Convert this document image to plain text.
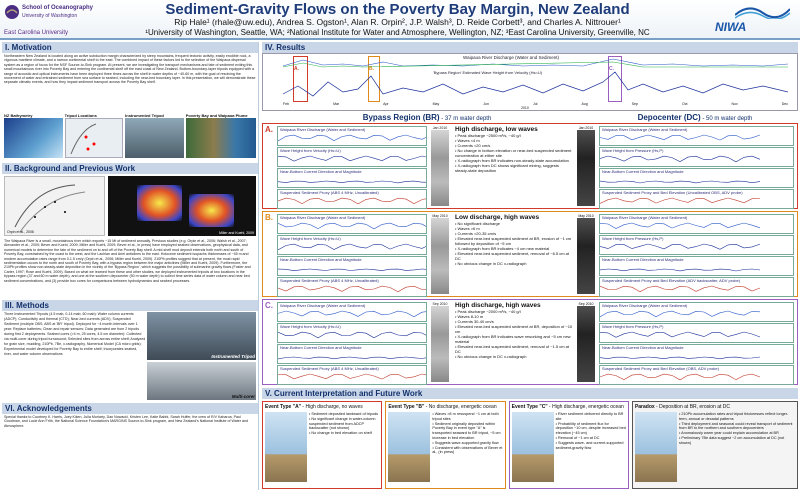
School of Oceanography
University of Washington
East Carolina University
Sediment-Gravity Flows on the Poverty Bay Margin, New Zealand
Rip Hale¹ (rhale@uw.edu), Andrea S. Ogston¹, Alan R. Orpin², J.P. Walsh³, D. Reide Corbett³, and Charles A. Nittrouer¹
¹University of Washington, Seattle, WA; ²National Institute for Water and Atmosphere, Wellington, NZ; ³East Carolina University, Greenville, NC	NIWA
I. Motivation
Northeastern New Zealand is located along an active subduction margin characterized by steep mountains, frequent tectonic activity, easily erodible rock, a vigorous maritime climate, and a narrow continental shelf to the east. The combined impact of these factors led to the selection of the Waipaoa dispersal system as a region of focus for the NSF Source-to-Sink program. At present, we are investigating the transport mechanisms and fate of sediment exiting this small mountainous river into Poverty Bay and entering the continental shelf off the east coast of New Zealand. Bottom-boundary-layer tripods equipped with a range of acoustic and optical instruments have been deployed three times across the shelf in water depths of ~40-60 m, with the goal of resolving the movement of water and entrained sediment from sea surface to seabed, including the near-bed boundary layer. In this presentation, we will demonstrate these separate climatic events, and how they impact sediment transport across the Poverty Bay shelf.
NZ Bathymetry	Tripod Locations	Instrumented Tripod	Poverty Bay and Waipaoa Plume
II. Background and Previous Work
Orpin et al., 2006	Miller and Kuehl, 2009
The Waipaoa River is a small, mountainous river which exports ~15 Mt of sediment annually. Previous studies (e.g. Orpin et al., 2006; Walsh et al., 2007; Alexander et al., 2009; Bever and Kuehl, 2009; Miller and Kuehl, 2009; Bever et al., in press) have employed seabed observations, geophysical data, and numerical models to determine the fate of the sediment on to and off of the Poverty Bay shelf. A mid-shelf mud deposit extends both north and south of Poverty Bay, constrained by the coast to the west, and the Lachlan and Ariel anticlines to the east. Holocene sediment isopachs thicknesses of ~45 m and modern accumulation rates range from 0-1.5 cm/y (Orpin et al., 2006; Miller and Kuehl, 2009). 210Pb profiles suggest that at present, the most rapid sedimentation occurs to the north and south of Poverty Bay, with a bypass region between the major anticlines (Miller and Kuehl, 2009). Furthermore, the 210Pb profiles show non-steady-state deposition in the vicinity of the 'Bypass Region', which suggests the possibility of submarine gravity flows (Foster and Carter, 1997; Rose and Kuehl, 2009). Based on what we learned from these and other studies, we deployed instrumented tripods at two locations in the bypass region (37 and 60 m water depth), and one at the southern depocenter (50 m water depth) to collect time series data of water column and near bed sediment concentrations, and (3) provide box cores for comparisons between hydrodynamics and seabed processes.
III. Methods
Three Instrumented Tripods (4.5 mab, 0-14 mab, 60 mab): Water column currents (ADCP); Conductivity and thermal (CTD); Near-bed currents (ADV); Suspended Sediment (multiple OBS, ABS at 'BR' tripod). Deployed for ~4 month intervals over 1 year: Replace batteries; Clean and repair sensors; Data generated are from 2 tripods during first 2 deployments. Seabed cores (>4 m, 25 cores, 4.5 cm diameter): Collected via multi-corer during tripod turnaround; Selected sites from across entire shelf; Analyzed for grain size, mudding, 210Pb, 7Be, x-radiography. Numerical Model (CA micro grids): Experimental model developed for Poverty Bay to entire shelf; Incorporates seabed, river, and water column observations	Instrumented Tripod
Multi-corer
VI. Acknowledgements
Special thanks to Courtney K. Harris, Joey Kiken, Julia Moriarty, Dan Nowacki, Kristen Lee, Katie Babbi, Sarah Huffer, the crew of R/V Kaharoa, Paul Goodman, and Lucie Ann Frith, the National Science Foundation's MARGINS Source-to-Sink program, and New Zealand's National Institute of Water and Atmosphere.
IV. Results
Waipaoa River Discharge (Water and Sediment)
'Bypass Region' Estimated Wave Height from Velocity (Hs=U)
A.	B.	C.
Feb	Mar	Apr	May	Jun	Jul	Aug	Sep	Oct	Nov	Dec
2010
Bypass Region (BR) - 37 m water depth	Depocenter (DC) - 50 m water depth
A. Waipaoa River Discharge (Water and Sediment)
Wave Height from Velocity (Hs=U)
Near-Bottom Current Direction and Magnitude
Suspended Sediment Proxy (ABS 4 MHz, Uncalibrated)
Jan 2010 High discharge, low waves
• Peak discharge ~2500 m³/s, ~40 g/l
• Waves <4 m
• Currents <20 cm/s
• No change in bottom elevation or near-bed suspended sediment concentration at either site
• X-radiograph from BR indicates non-steady-state accumulation
• X-radiograph from DC shows significant mixing, suggests steady-state deposition
Jan 2010	Waipaoa River Discharge (Water and Sediment)
Wave Height from Pressure (Hs,P)
Near-Bottom Current Direction and Magnitude
Suspended Sediment Proxy and Bed Elevation (Uncalibrated OBS, ADV probe)
B. Waipaoa River Discharge (Water and Sediment)
Wave Height from Velocity (Hs=U)
Near-Bottom Current Direction and Magnitude
Suspended Sediment Proxy (ABS 4 MHz, Uncalibrated)
May 2010 Low discharge, high waves
• No significant discharge
• Waves >6 m
• Currents >20-35 cm/s
• Elevated near-bed suspended sediment at BR, erosion of ~1 cm followed by deposition of ~5 cm
• X-radiograph from BR indicates ~4 cm new material
• Elevated near-bed suspended sediment, removal of ~6.5 cm at DC
• No obvious change in DC x-radiograph
May 2010	Waipaoa River Discharge (Water and Sediment)
Wave Height from Pressure (Hs,P)
Near-Bottom Current Direction and Magnitude
Suspended Sediment Proxy and Bed Elevation (ADV backscatter, ADV probe)
C. Waipaoa River Discharge (Water and Sediment)
Wave Height from Velocity (Hs=U)
Near-Bottom Current Direction and Magnitude
Suspended Sediment Proxy (ABS 4 MHz, Uncalibrated)
Sep 2010 High discharge, high waves
• Peak discharge ~2000 m³/s, ~40 g/l
• Waves 8-10 m
• Currents 30-40 cm/s
• Elevated near-bed suspended sediment at BR, deposition of ~10 cm
• X-radiograph from BR indicates wave reworking and ~5 cm new material
• Elevated near-bed suspended sediment, removal of ~1.5 cm at DC
• No obvious change in DC x-radiograph
Sep 2010	Waipaoa River Discharge (Water and Sediment)
Wave Height from Pressure (Hs,P)
Near-Bottom Current Direction and Magnitude
Suspended Sediment Proxy and Bed Elevation (OBS, ADV probe)
V. Current Interpretation and Future Work
Event Type "A" - High discharge, no waves
• Sediment deposited landward of tripods
• No significant change in water-column suspended sediment from ADCP backscatter (not shown)
• No change in bed elevation on shelf
Event Type "B" - No discharge, energetic ocean
• Waves >8 m resuspend ~1 cm at both tripod sites
• Sediment originally deposited within Poverty Bay in event type "A" is transported seaward to BR tripod, ~5 cm increase in bed elevation
• Suggests wave-supported gravity flow
• Consistent with observations of Bever et al., (in press)
Event Type "C" - High discharge, energetic ocean
• River sediment delivered directly to BR site
• Probability of sediment flux for deposition ~10 cm, despite increased bed elevation (~45 cm)
• Removal of ~1 cm at DC
• Suggests wave- and current-supported sediment-gravity flow
Paradox - Deposition at BR, erosion at DC
• 210Pb accumulation rates and tripod thicknesses reflect longer-term, annual or decadal patterns
• Third deployment and seasonal could reveal transport of sediment from BR to the northern and southern depocenters
• Anomalously warm year could explain accumulation at BR
• Preliminary 7Be data suggest ~2 cm accumulation at DC (not shown)
